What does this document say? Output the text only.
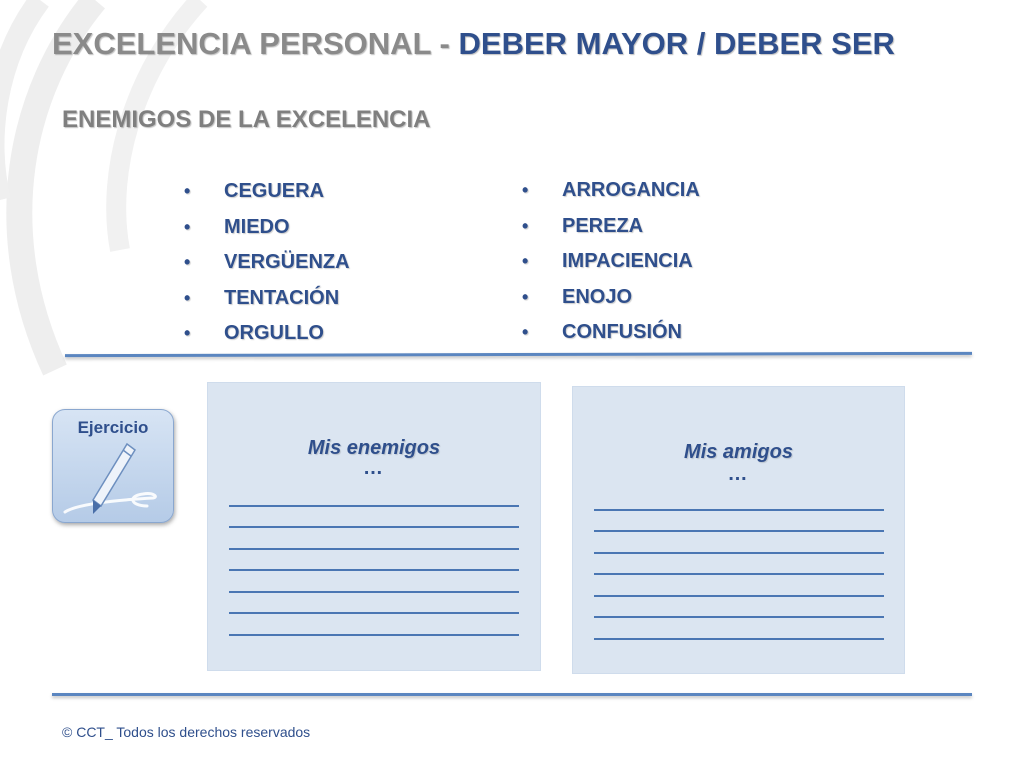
EXCELENCIA PERSONAL - DEBER MAYOR / DEBER SER
ENEMIGOS DE LA EXCELENCIA
•	CEGUERA
•	MIEDO
•	VERGÜENZA
•	TENTACIÓN
•	ORGULLO
•	ARROGANCIA
•	PEREZA
•	IMPACIENCIA
•	ENOJO
•	CONFUSIÓN
Ejercicio
Mis enemigos
…
Mis amigos
…

© CCT_ Todos los derechos reservados
